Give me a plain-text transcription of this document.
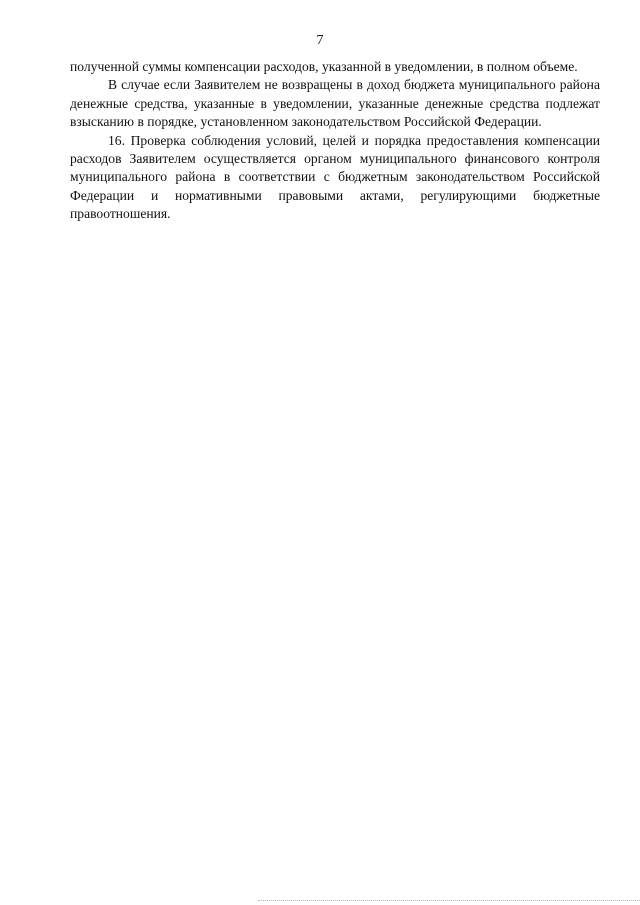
7

полученной суммы компенсации расходов, указанной в уведомлении, в полном объеме.

В случае если Заявителем не возвращены в доход бюджета муниципального района денежные средства, указанные в уведомлении, указанные денежные средства подлежат взысканию в порядке, установленном законодательством Российской Федерации.

16. Проверка соблюдения условий, целей и порядка предоставления компенсации расходов Заявителем осуществляется органом муниципального финансового контроля муниципального района в соответствии с бюджетным законодательством Российской Федерации и нормативными правовыми актами, регулирующими бюджетные правоотношения.
